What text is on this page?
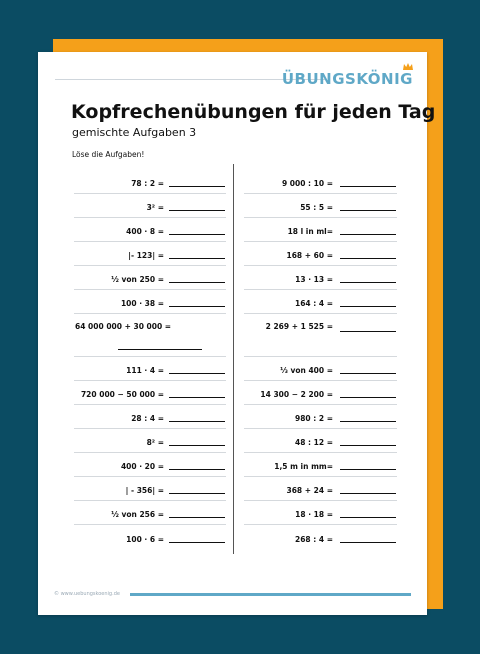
ÜBUNGSKÖNIG
Kopfrechenübungen für jeden Tag
gemischte Aufgaben 3
Löse die Aufgaben!
78 : 2 =
3² =
400 · 8 =
|- 123| =
½ von 250 =
100 · 38 =
64 000 000 + 30 000 =
111 · 4 =
720 000 − 50 000 =
28 : 4 =
8² =
400 · 20 =
| - 356| =
½ von 256 =
100 · 6 =
9 000 : 10 =
55 : 5 =
18 l in ml=
168 + 60 =
13 · 13 =
164 : 4 =
2 269 + 1 525 =
⅓ von 400 =
14 300 − 2 200 =
980 : 2 =
48 : 12 =
1,5 m in mm=
368 + 24 =
18 · 18 =
268 : 4 =
© www.uebungskoenig.de
